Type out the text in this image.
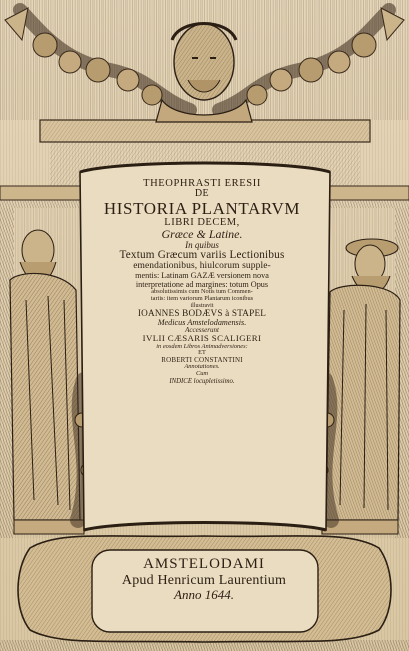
THEOPHRASTI ERESII
DE
HISTORIA PLANTARVM
LIBRI DECEM,
Græce & Latine.
In quibus
Textum Græcum variis Lectionibus
emendationibus, hiulcorum supple-
mentis: Latinam GAZÆ versionem nova
interpretatione ad margines: totum Opus
absolutissimis cum Notis tum Commen-
tariis: item variorum Plantarum iconibus
illustravit
IOANNES BODÆVS à STAPEL
Medicus Amstelodamensis.
Accesserunt
IVLII CÆSARIS SCALIGERI
in eosdem Libros Animadversiones:
ET
ROBERTI CONSTANTINI
Annotationes.
Cum
INDICE locupletissimo.
AMSTELODAMI
Apud Henricum Laurentium
Anno 1644.
